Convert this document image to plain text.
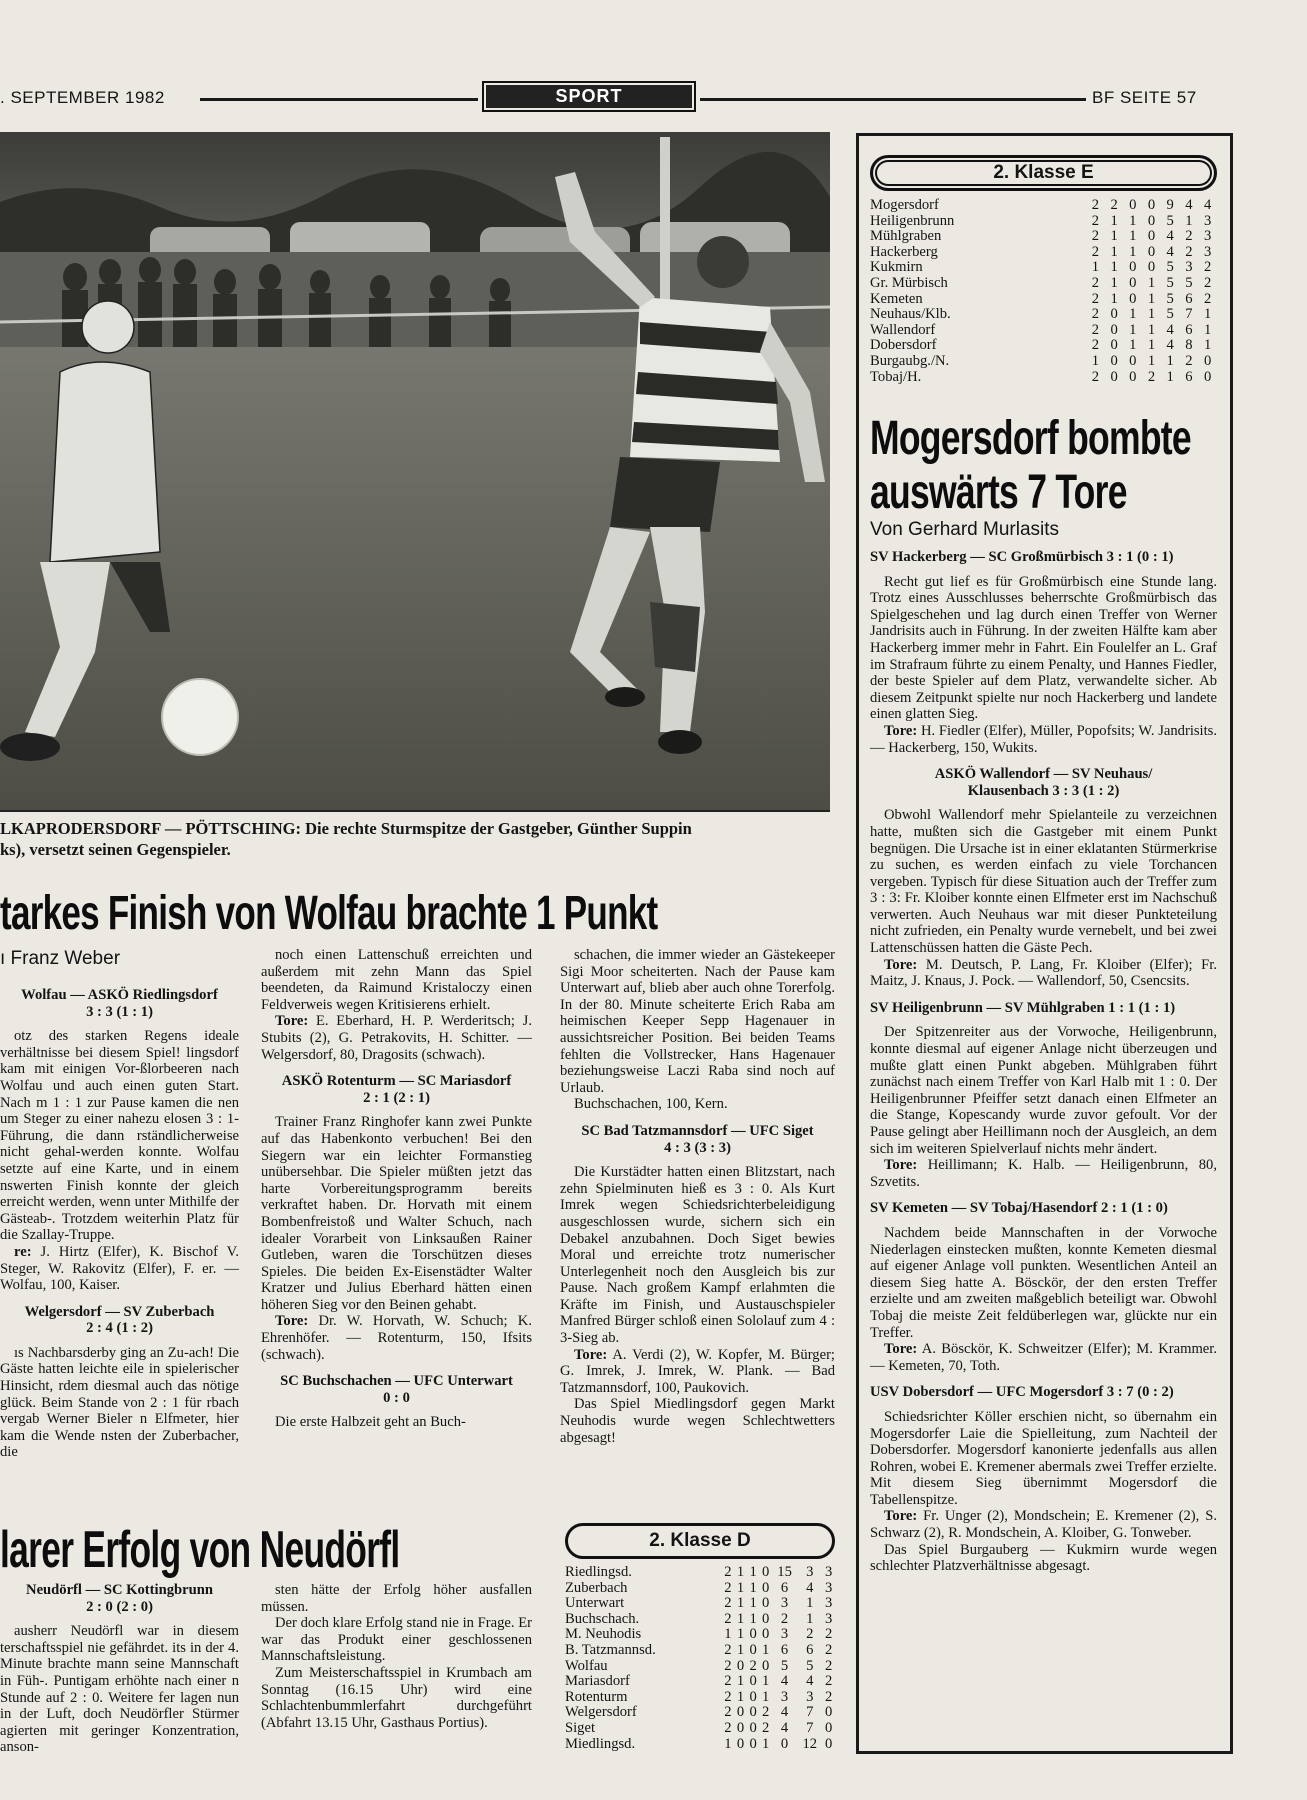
. SEPTEMBER 1982	SPORT	BF SEITE 57
LKAPRODERSDORF — PÖTTSCHING: Die rechte Sturmspitze der Gastgeber, Günther Suppin
ks), versetzt seinen Gegenspieler.
tarkes Finish von Wolfau brachte 1 Punkt
ı Franz Weber
Wolfau — ASKÖ Riedlingsdorf
3 : 3 (1 : 1)

otz des starken Regens ideale verhältnisse bei diesem Spiel! lingsdorf kam mit einigen Vor-ßlorbeeren nach Wolfau und auch einen guten Start. Nach m 1 : 1 zur Pause kamen die nen um Steger zu einer nahezu elosen 3 : 1-Führung, die dann rständlicherweise nicht gehal-werden konnte. Wolfau setzte auf eine Karte, und in einem nswerten Finish konnte der gleich erreicht werden, wenn unter Mithilfe der Gästeab-. Trotzdem weiterhin Platz für die Szallay-Truppe.

re: J. Hirtz (Elfer), K. Bischof V. Steger, W. Rakovitz (Elfer), F. er. — Wolfau, 100, Kaiser.

Welgersdorf — SV Zuberbach
2 : 4 (1 : 2)

ıs Nachbarsderby ging an Zu-ach! Die Gäste hatten leichte eile in spielerischer Hinsicht, rdem diesmal auch das nötige glück. Beim Stande von 2 : 1 für rbach vergab Werner Bieler n Elfmeter, hier kam die Wende nsten der Zuberbacher, die

noch einen Lattenschuß erreichten und außerdem mit zehn Mann das Spiel beendeten, da Raimund Kristaloczy einen Feldverweis wegen Kritisierens erhielt.

Tore: E. Eberhard, H. P. Werderitsch; J. Stubits (2), G. Petrakovits, H. Schitter. — Welgersdorf, 80, Dragosits (schwach).

ASKÖ Rotenturm — SC Mariasdorf
2 : 1 (2 : 1)

Trainer Franz Ringhofer kann zwei Punkte auf das Habenkonto verbuchen! Bei den Siegern war ein leichter Formanstieg unübersehbar. Die Spieler müßten jetzt das harte Vorbereitungsprogramm bereits verkraftet haben. Dr. Horvath mit einem Bombenfreistoß und Walter Schuch, nach idealer Vorarbeit von Linksaußen Rainer Gutleben, waren die Torschützen dieses Spieles. Die beiden Ex-Eisenstädter Walter Kratzer und Julius Eberhard hätten einen höheren Sieg vor den Beinen gehabt.

Tore: Dr. W. Horvath, W. Schuch; K. Ehrenhöfer. — Rotenturm, 150, Ifsits (schwach).

SC Buchschachen — UFC Unterwart
0 : 0

Die erste Halbzeit geht an Buch-

schachen, die immer wieder an Gästekeeper Sigi Moor scheiterten. Nach der Pause kam Unterwart auf, blieb aber auch ohne Torerfolg. In der 80. Minute scheiterte Erich Raba am heimischen Keeper Sepp Hagenauer in aussichtsreicher Position. Bei beiden Teams fehlten die Vollstrecker, Hans Hagenauer beziehungsweise Laczi Raba sind noch auf Urlaub.

Buchschachen, 100, Kern.

SC Bad Tatzmannsdorf — UFC Siget
4 : 3 (3 : 3)

Die Kurstädter hatten einen Blitzstart, nach zehn Spielminuten hieß es 3 : 0. Als Kurt Imrek wegen Schiedsrichterbeleidigung ausgeschlossen wurde, sichern sich ein Debakel anzubahnen. Doch Siget bewies Moral und erreichte trotz numerischer Unterlegenheit noch den Ausgleich bis zur Pause. Nach großem Kampf erlahmten die Kräfte im Finish, und Austauschspieler Manfred Bürger schloß einen Sololauf zum 4 : 3-Sieg ab.

Tore: A. Verdi (2), W. Kopfer, M. Bürger; G. Imrek, J. Imrek, W. Plank. — Bad Tatzmannsdorf, 100, Paukovich.

Das Spiel Miedlingsdorf gegen Markt Neuhodis wurde wegen Schlechtwetters abgesagt!

larer Erfolg von Neudörfl
Neudörfl — SC Kottingbrunn
2 : 0 (2 : 0)

ausherr Neudörfl war in diesem terschaftsspiel nie gefährdet. its in der 4. Minute brachte mann seine Mannschaft in Füh-. Puntigam erhöhte nach einer n Stunde auf 2 : 0. Weitere fer lagen nun in der Luft, doch Neudörfler Stürmer agierten mit geringer Konzentration, anson-

sten hätte der Erfolg höher ausfallen müssen.

Der doch klare Erfolg stand nie in Frage. Er war das Produkt einer geschlossenen Mannschaftsleistung.

Zum Meisterschaftsspiel in Krumbach am Sonntag (16.15 Uhr) wird eine Schlachtenbummlerfahrt durchgeführt (Abfahrt 13.15 Uhr, Gasthaus Portius).

2. Klasse D
Riedlingsd.	2	1	1	0	15	3	3
Zuberbach	2	1	1	0	6	4	3
Unterwart	2	1	1	0	3	1	3
Buchschach.	2	1	1	0	2	1	3
M. Neuhodis	1	1	0	0	3	2	2
B. Tatzmannsd.	2	1	0	1	6	6	2
Wolfau	2	0	2	0	5	5	2
Mariasdorf	2	1	0	1	4	4	2
Rotenturm	2	1	0	1	3	3	2
Welgersdorf	2	0	0	2	4	7	0
Siget	2	0	0	2	4	7	0
Miedlingsd.	1	0	0	1	0	12	0
2. Klasse E
Mogersdorf	2	2	0	0	9	4	4
Heiligenbrunn	2	1	1	0	5	1	3
Mühlgraben	2	1	1	0	4	2	3
Hackerberg	2	1	1	0	4	2	3
Kukmirn	1	1	0	0	5	3	2
Gr. Mürbisch	2	1	0	1	5	5	2
Kemeten	2	1	0	1	5	6	2
Neuhaus/Klb.	2	0	1	1	5	7	1
Wallendorf	2	0	1	1	4	6	1
Dobersdorf	2	0	1	1	4	8	1
Burgaubg./N.	1	0	0	1	1	2	0
Tobaj/H.	2	0	0	2	1	6	0
Mogersdorf bombte
auswärts 7 Tore
Von Gerhard Murlasits
SV Hackerberg — SC Großmürbisch 3 : 1 (0 : 1)

Recht gut lief es für Großmürbisch eine Stunde lang. Trotz eines Ausschlusses beherrschte Großmürbisch das Spielgeschehen und lag durch einen Treffer von Werner Jandrisits auch in Führung. In der zweiten Hälfte kam aber Hackerberg immer mehr in Fahrt. Ein Foulelfer an L. Graf im Strafraum führte zu einem Penalty, und Hannes Fiedler, der beste Spieler auf dem Platz, verwandelte sicher. Ab diesem Zeitpunkt spielte nur noch Hackerberg und landete einen glatten Sieg.

Tore: H. Fiedler (Elfer), Müller, Popofsits; W. Jandrisits. — Hackerberg, 150, Wukits.

ASKÖ Wallendorf — SV Neuhaus/
Klausenbach 3 : 3 (1 : 2)

Obwohl Wallendorf mehr Spielanteile zu verzeichnen hatte, mußten sich die Gastgeber mit einem Punkt begnügen. Die Ursache ist in einer eklatanten Stürmerkrise zu suchen, es werden einfach zu viele Torchancen vergeben. Typisch für diese Situation auch der Treffer zum 3 : 3: Fr. Kloiber konnte einen Elfmeter erst im Nachschuß verwerten. Auch Neuhaus war mit dieser Punkteteilung nicht zufrieden, ein Penalty wurde vernebelt, und bei zwei Lattenschüssen hatten die Gäste Pech.

Tore: M. Deutsch, P. Lang, Fr. Kloiber (Elfer); Fr. Maitz, J. Knaus, J. Pock. — Wallendorf, 50, Csencsits.

SV Heiligenbrunn — SV Mühlgraben 1 : 1 (1 : 1)

Der Spitzenreiter aus der Vorwoche, Heiligenbrunn, konnte diesmal auf eigener Anlage nicht überzeugen und mußte glatt einen Punkt abgeben. Mühlgraben führt zunächst nach einem Treffer von Karl Halb mit 1 : 0. Der Heiligenbrunner Pfeiffer setzt danach einen Elfmeter an die Stange, Kopescandy wurde zuvor gefoult. Vor der Pause gelingt aber Heillimann noch der Ausgleich, an dem sich im weiteren Spielverlauf nichts mehr ändert.

Tore: Heillimann; K. Halb. — Heiligenbrunn, 80, Szvetits.

SV Kemeten — SV Tobaj/Hasendorf 2 : 1 (1 : 0)

Nachdem beide Mannschaften in der Vorwoche Niederlagen einstecken mußten, konnte Kemeten diesmal auf eigener Anlage voll punkten. Wesentlichen Anteil an diesem Sieg hatte A. Bösckör, der den ersten Treffer erzielte und am zweiten maßgeblich beteiligt war. Obwohl Tobaj die meiste Zeit feldüberlegen war, glückte nur ein Treffer.

Tore: A. Bösckör, K. Schweitzer (Elfer); M. Krammer. — Kemeten, 70, Toth.

USV Dobersdorf — UFC Mogersdorf 3 : 7 (0 : 2)

Schiedsrichter Köller erschien nicht, so übernahm ein Mogersdorfer Laie die Spielleitung, zum Nachteil der Dobersdorfer. Mogersdorf kanonierte jedenfalls aus allen Rohren, wobei E. Kremener abermals zwei Treffer erzielte. Mit diesem Sieg übernimmt Mogersdorf die Tabellenspitze.

Tore: Fr. Unger (2), Mondschein; E. Kremener (2), S. Schwarz (2), R. Mondschein, A. Kloiber, G. Tonweber.

Das Spiel Burgauberg — Kukmirn wurde wegen schlechter Platzverhältnisse abgesagt.
